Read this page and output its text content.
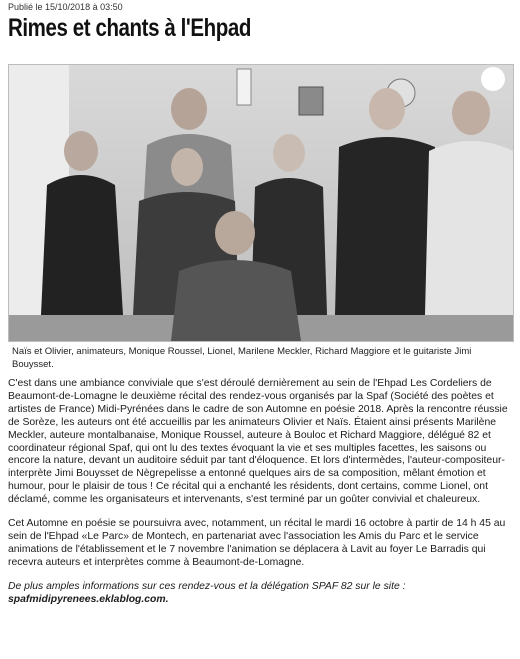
Publié le 15/10/2018 à 03:50
Rimes et chants à l'Ehpad
Naïs et Olivier, animateurs, Monique Roussel, Lionel, Marilene Meckler, Richard Maggiore et le guitariste Jimi Bouysset.

C'est dans une ambiance conviviale que s'est déroulé dernièrement au sein de l'Ehpad Les Cordeliers de Beaumont-de-Lomagne le deuxième récital des rendez-vous organisés par la Spaf (Société des poètes et artistes de France) Midi-Pyrénées dans le cadre de son Automne en poésie 2018. Après la rencontre réussie de Sorèze, les auteurs ont été accueillis par les animateurs Olivier et Naïs. Étaient ainsi présents Marilène Meckler, auteure montalbanaise, Monique Roussel, auteure à Bouloc et Richard Maggiore, délégué 82 et coordinateur régional Spaf, qui ont lu des textes évoquant la vie et ses multiples facettes, les saisons ou encore la nature, devant un auditoire séduit par tant d'éloquence. Et lors d'intermèdes, l'auteur-compositeur-interprète Jimi Bouysset de Nègrepelisse a entonné quelques airs de sa composition, mêlant émotion et humour, pour le plaisir de tous ! Ce récital qui a enchanté les résidents, dont certains, comme Lionel, ont déclamé, comme les organisateurs et intervenants, s'est terminé par un goûter convivial et chaleureux.

Cet Automne en poésie se poursuivra avec, notamment, un récital le mardi 16 octobre à partir de 14 h 45 au sein de l'Ehpad «Le Parc» de Montech, en partenariat avec l'association les Amis du Parc et le service animations de l'établissement et le 7 novembre l'animation se déplacera à Lavit au foyer Le Barradis qui recevra auteurs et interprètes comme à Beaumont-de-Lomagne.

De plus amples informations sur ces rendez-vous et la délégation SPAF 82 sur le site :
spafmidipyrenees.eklablog.com.
